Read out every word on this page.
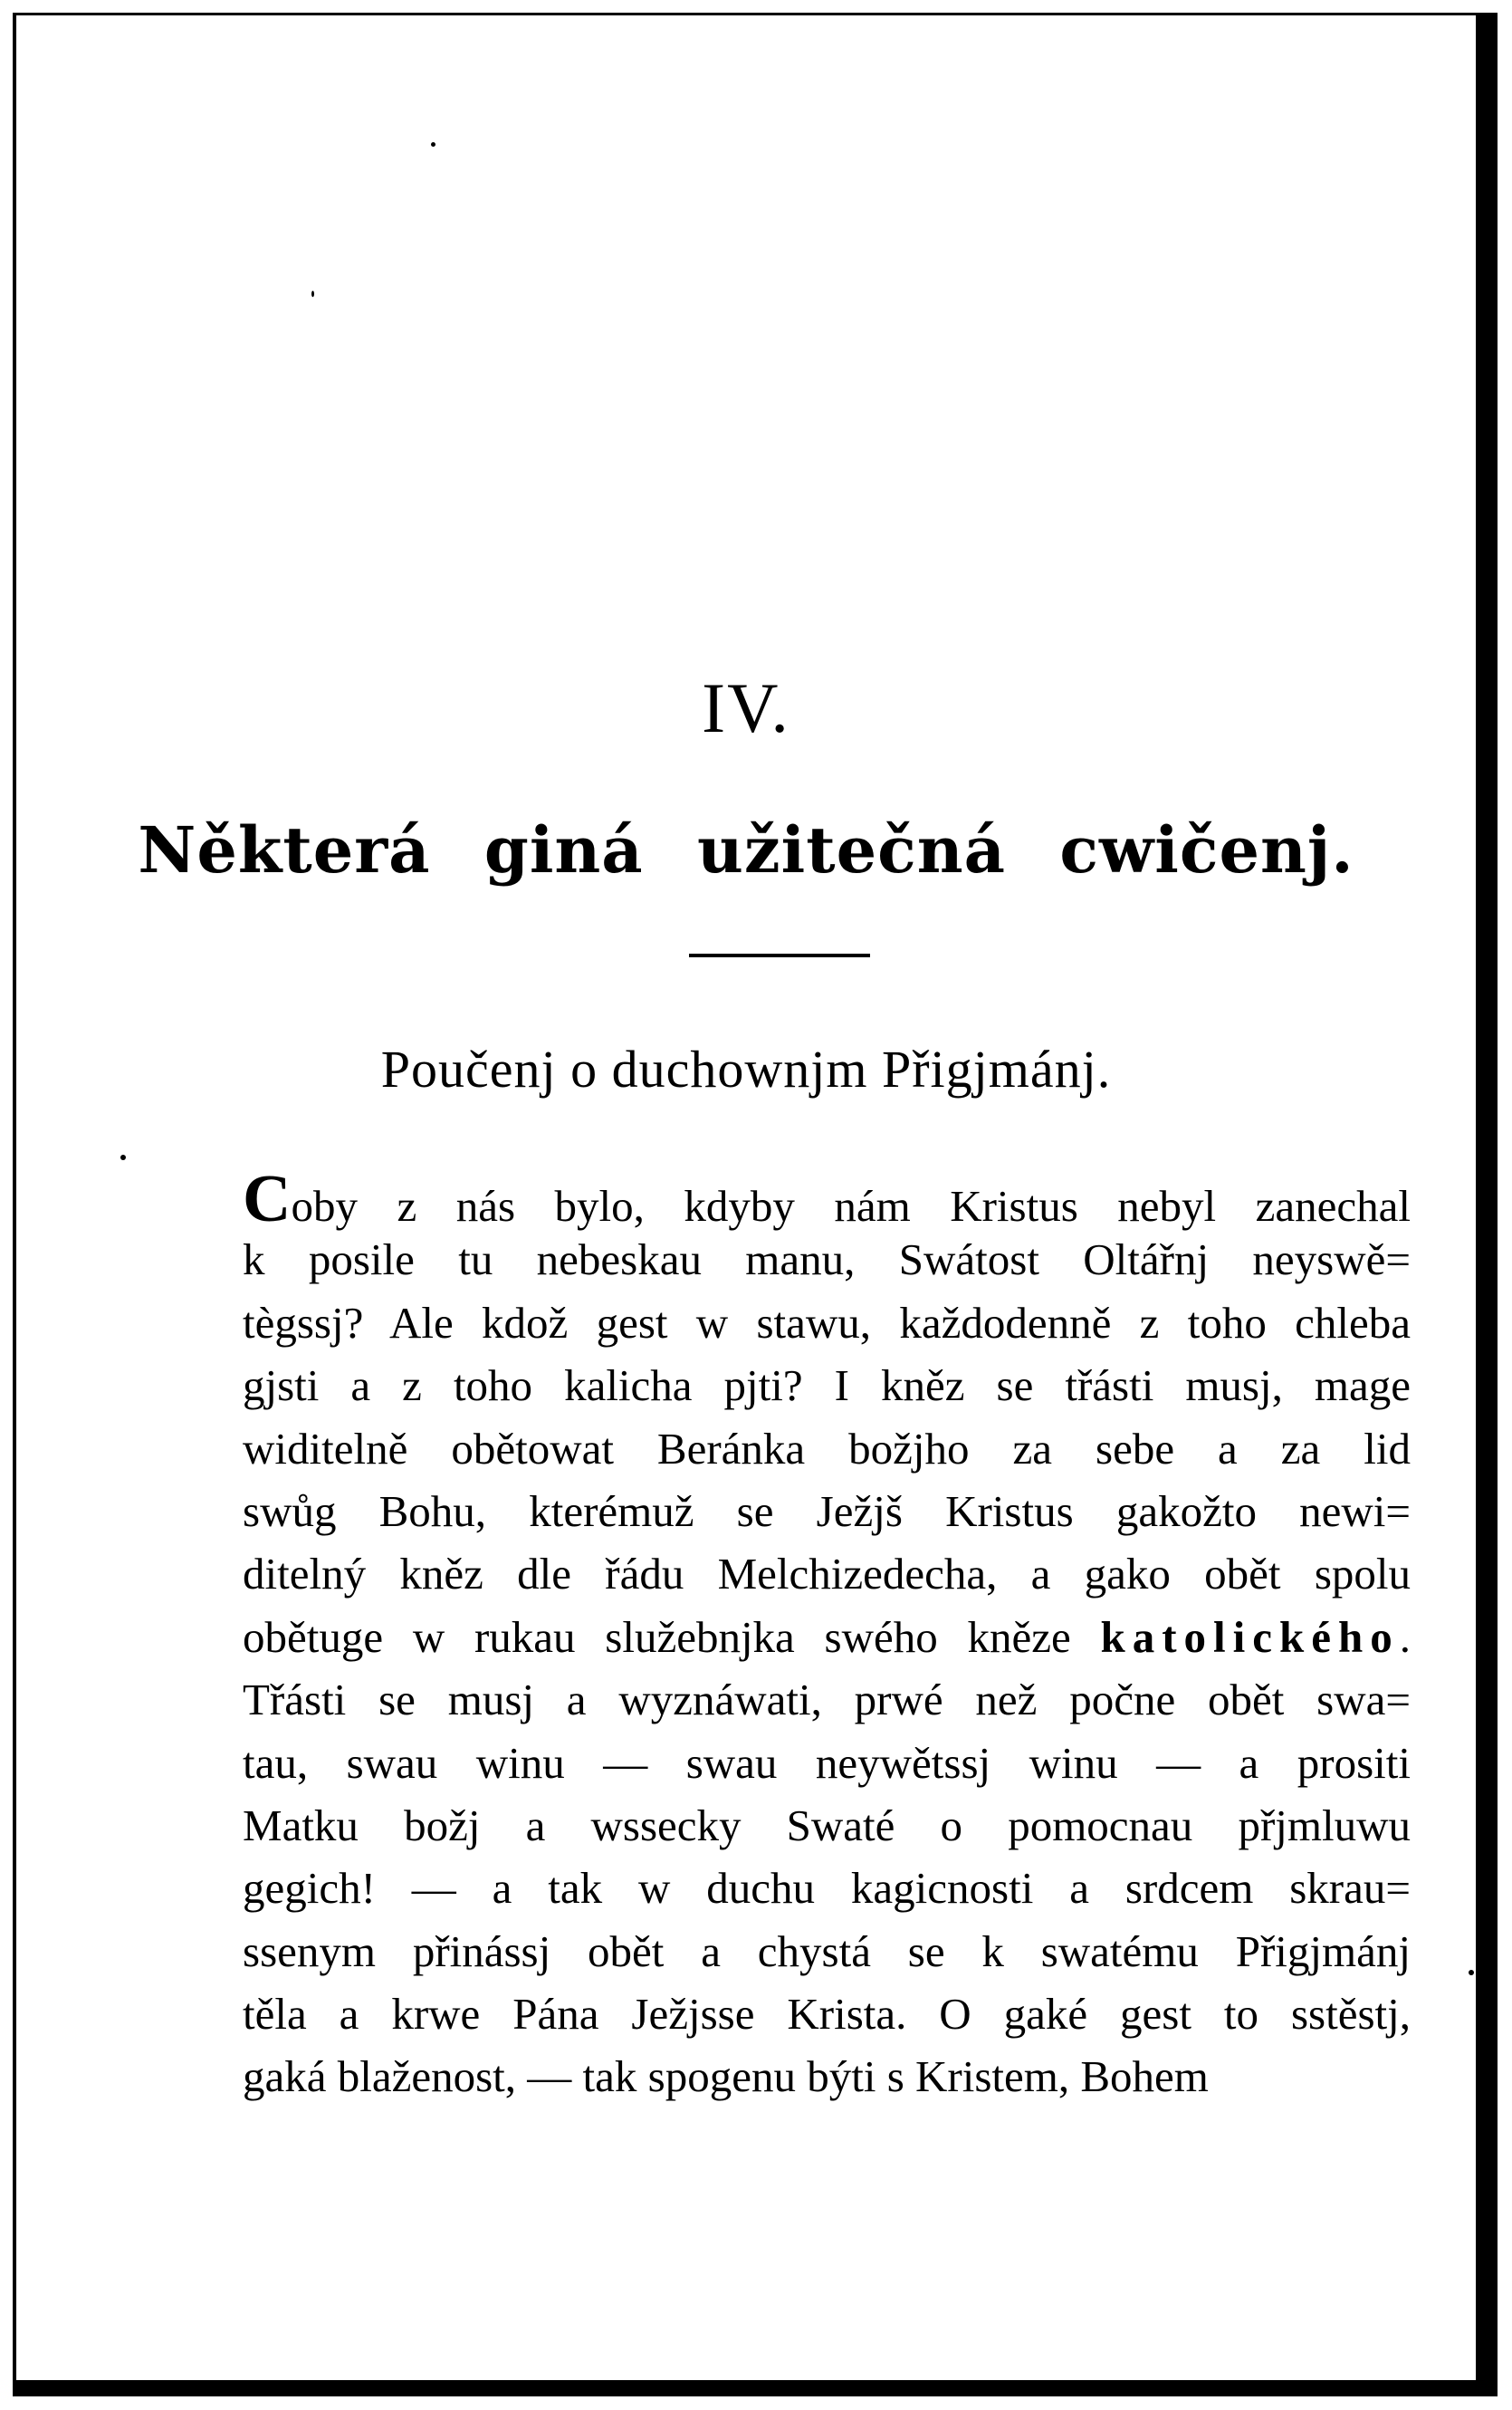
IV.
Některá giná užitečná cwičenj.
Poučenj o duchownjm Přigjmánj.
Coby z nás bylo, kdyby nám Kristus nebyl zanechal
k posile tu nebeskau manu, Swátost Oltářnj neyswě=
tègssj? Ale kdož gest w stawu, každodenně z toho chleba
gjsti a z toho kalicha pjti? I kněz se třásti musj, mage
widitelně obětowat Beránka božjho za sebe a za lid
swůg Bohu, kterémuž se Ježjš Kristus gakožto newi=
ditelný kněz dle řádu Melchizedecha, a gako obět spolu
obětuge w rukau služebnjka swého kněze katolického.
Třásti se musj a wyznáwati, prwé než počne obět swa=
tau, swau winu — swau neywětssj winu — a prositi
Matku božj a wssecky Swaté o pomocnau přjmluwu
gegich! — a tak w duchu kagicnosti a srdcem skrau=
ssenym přinássj obět a chystá se k swatému Přigjmánj
těla a krwe Pána Ježjsse Krista. O gaké gest to sstěstj,
gaká blaženost, — tak spogenu býti s Kristem, Bohem
